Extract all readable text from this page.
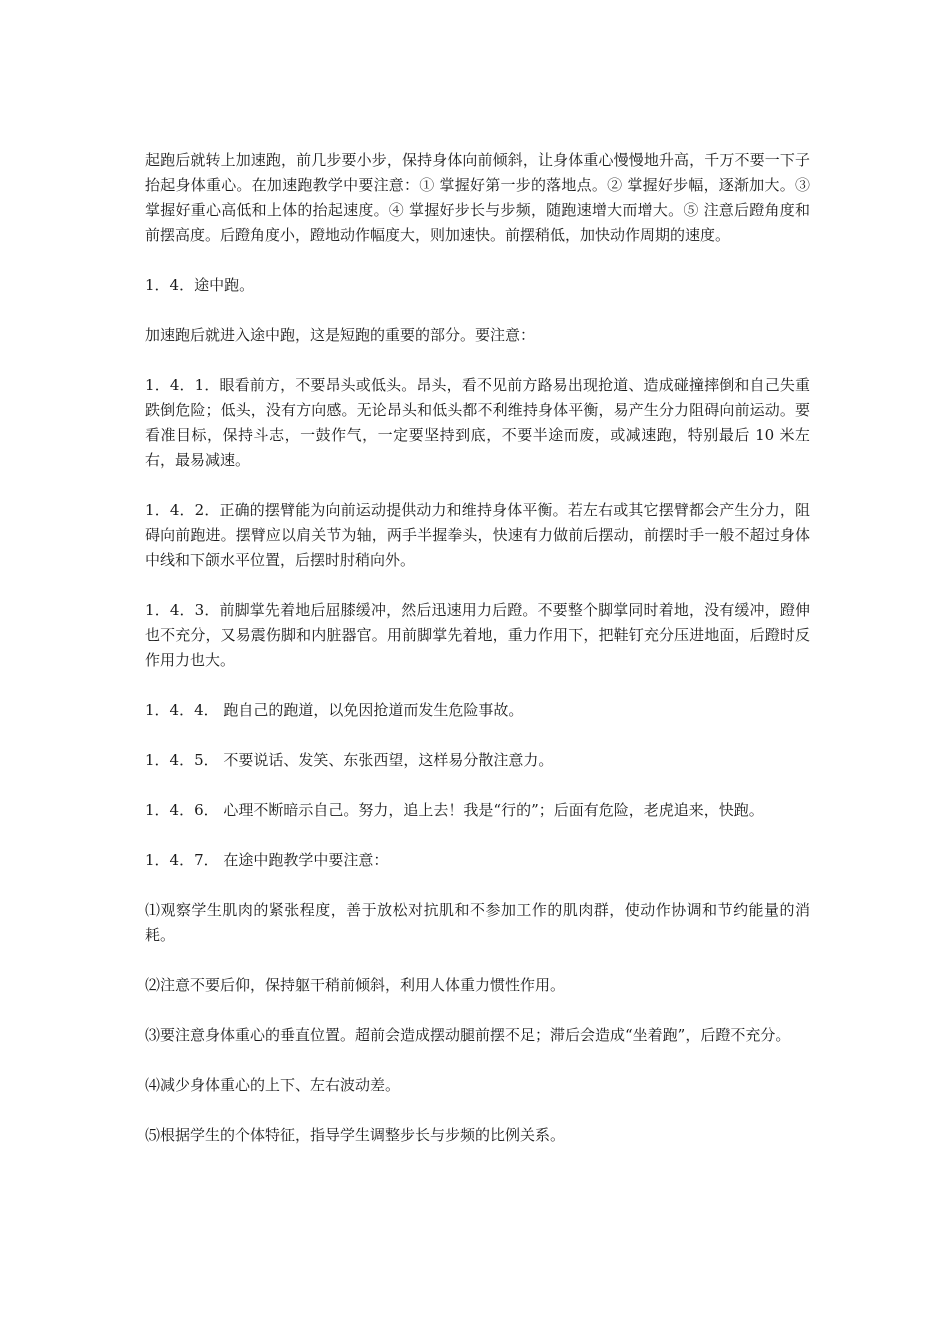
起跑后就转上加速跑，前几步要小步，保持身体向前倾斜，让身体重心慢慢地升高，千万不要一下子抬起身体重心。在加速跑教学中要注意：① 掌握好第一步的落地点。② 掌握好步幅，逐渐加大。③ 掌握好重心高低和上体的抬起速度。④ 掌握好步长与步频，随跑速增大而增大。⑤ 注意后蹬角度和前摆高度。后蹬角度小，蹬地动作幅度大，则加速快。前摆稍低，加快动作周期的速度。

1．4．途中跑。

加速跑后就进入途中跑，这是短跑的重要的部分。要注意：

1．4．1．眼看前方，不要昂头或低头。昂头，看不见前方路易出现抢道、造成碰撞摔倒和自己失重跌倒危险；低头，没有方向感。无论昂头和低头都不利维持身体平衡，易产生分力阻碍向前运动。要看准目标，保持斗志，一鼓作气，一定要坚持到底，不要半途而废，或减速跑，特别最后 10 米左右，最易减速。

1．4．2．正确的摆臂能为向前运动提供动力和维持身体平衡。若左右或其它摆臂都会产生分力，阻碍向前跑进。摆臂应以肩关节为轴，两手半握拳头，快速有力做前后摆动，前摆时手一般不超过身体中线和下颌水平位置，后摆时肘稍向外。

1．4．3．前脚掌先着地后屈膝缓冲，然后迅速用力后蹬。不要整个脚掌同时着地，没有缓冲，蹬伸也不充分，又易震伤脚和内脏器官。用前脚掌先着地，重力作用下，把鞋钉充分压进地面，后蹬时反作用力也大。

1．4．4． 跑自己的跑道，以免因抢道而发生危险事故。

1．4．5． 不要说话、发笑、东张西望，这样易分散注意力。

1．4．6． 心理不断暗示自己。努力，追上去！我是“行的”；后面有危险，老虎追来，快跑。

1．4．7． 在途中跑教学中要注意：

⑴观察学生肌肉的紧张程度，善于放松对抗肌和不参加工作的肌肉群，使动作协调和节约能量的消耗。

⑵注意不要后仰，保持躯干稍前倾斜，利用人体重力惯性作用。

⑶要注意身体重心的垂直位置。超前会造成摆动腿前摆不足；滞后会造成“坐着跑”，后蹬不充分。

⑷减少身体重心的上下、左右波动差。

⑸根据学生的个体特征，指导学生调整步长与步频的比例关系。
